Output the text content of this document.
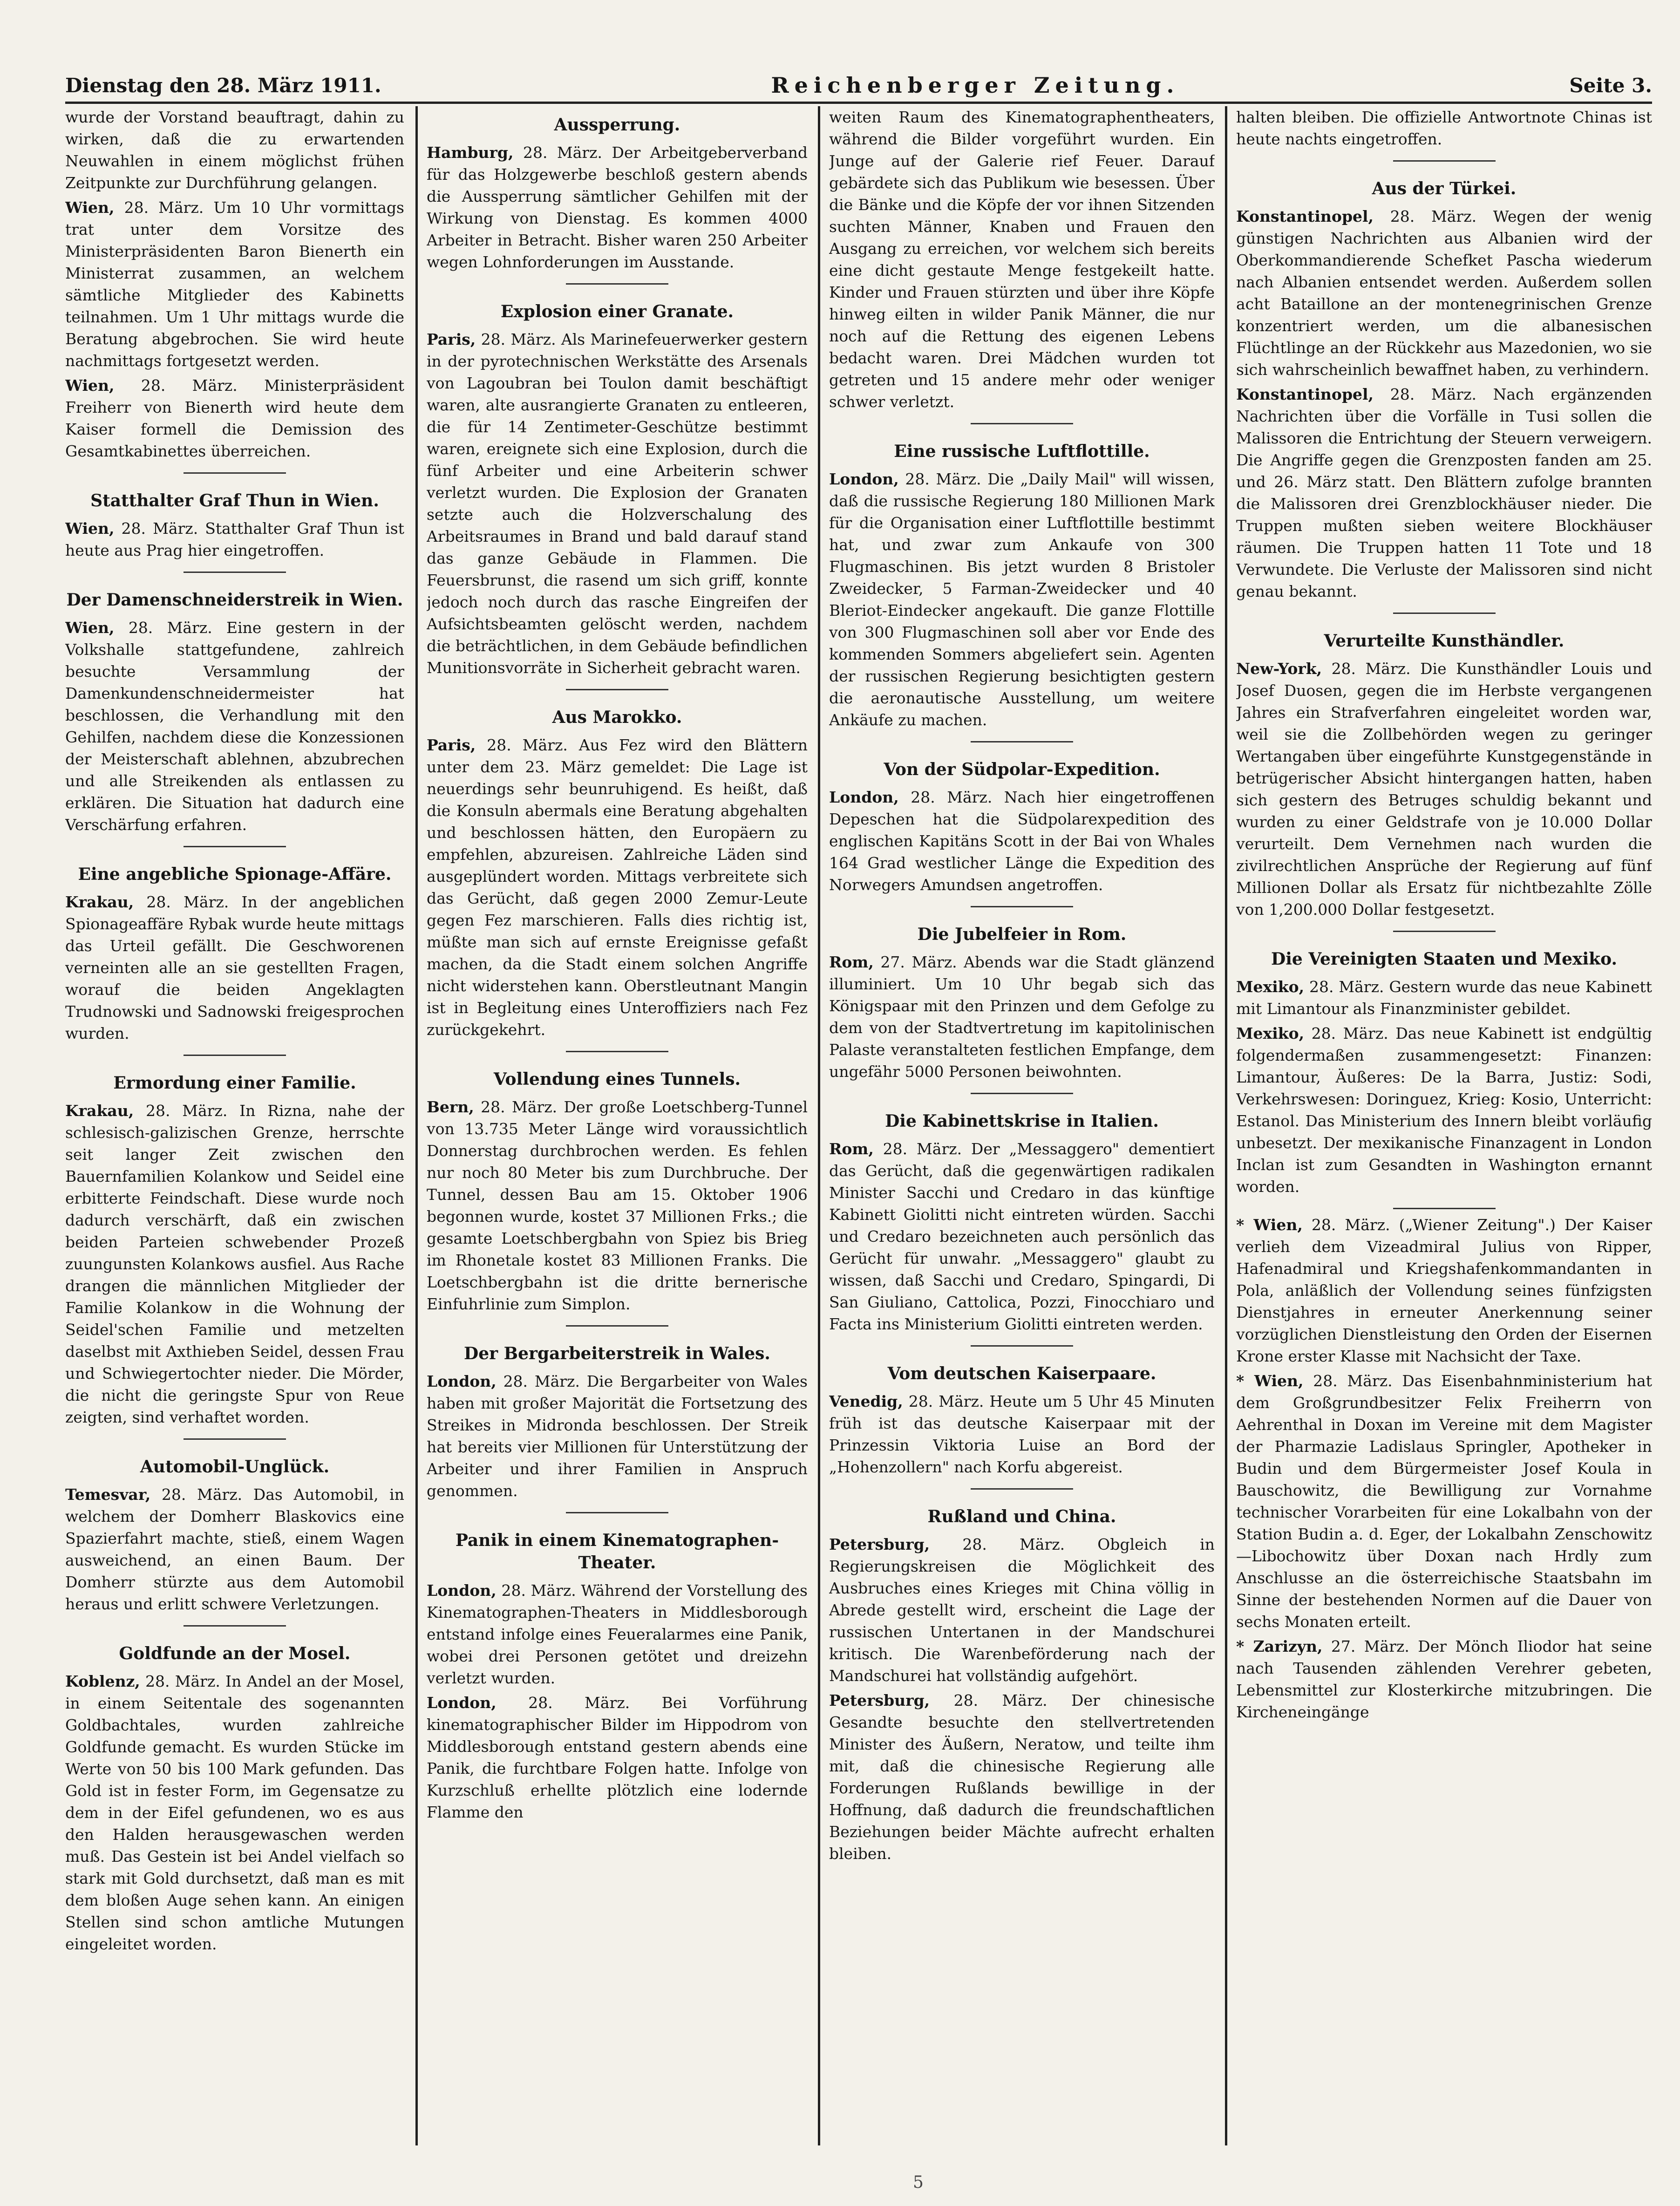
Dienstag den 28. März 1911.	Reichenberger Zeitung.	Seite 3.

wurde der Vorstand beauftragt, dahin zu wirken, daß die zu erwartenden Neuwahlen in einem möglichst frühen Zeitpunkte zur Durchführung gelangen.

Wien, 28. März. Um 10 Uhr vormittags trat unter dem Vorsitze des Ministerpräsidenten Baron Bienerth ein Ministerrat zusammen, an welchem sämtliche Mitglieder des Kabinetts teilnahmen. Um 1 Uhr mittags wurde die Beratung abgebrochen. Sie wird heute nachmittags fortgesetzt werden.

Wien, 28. März. Ministerpräsident Freiherr von Bienerth wird heute dem Kaiser formell die Demission des Gesamtkabinettes überreichen.

Statthalter Graf Thun in Wien.

Wien, 28. März. Statthalter Graf Thun ist heute aus Prag hier eingetroffen.

Der Damenschneiderstreik in Wien.

Wien, 28. März. Eine gestern in der Volkshalle stattgefundene, zahlreich besuchte Versammlung der Damenkundenschneidermeister hat beschlossen, die Verhandlung mit den Gehilfen, nachdem diese die Konzessionen der Meisterschaft ablehnen, abzubrechen und alle Streikenden als entlassen zu erklären. Die Situation hat dadurch eine Verschärfung erfahren.

Eine angebliche Spionage-Affäre.

Krakau, 28. März. In der angeblichen Spionageaffäre Rybak wurde heute mittags das Urteil gefällt. Die Geschworenen verneinten alle an sie gestellten Fragen, worauf die beiden Angeklagten Trudnowski und Sadnowski freigesprochen wurden.

Ermordung einer Familie.

Krakau, 28. März. In Rizna, nahe der schlesisch-galizischen Grenze, herrschte seit langer Zeit zwischen den Bauernfamilien Kolankow und Seidel eine erbitterte Feindschaft. Diese wurde noch dadurch verschärft, daß ein zwischen beiden Parteien schwebender Prozeß zuungunsten Kolankows ausfiel. Aus Rache drangen die männlichen Mitglieder der Familie Kolankow in die Wohnung der Seidel'schen Familie und metzelten daselbst mit Axthieben Seidel, dessen Frau und Schwiegertochter nieder. Die Mörder, die nicht die geringste Spur von Reue zeigten, sind verhaftet worden.

Automobil-Unglück.

Temesvar, 28. März. Das Automobil, in welchem der Domherr Blaskovics eine Spazierfahrt machte, stieß, einem Wagen ausweichend, an einen Baum. Der Domherr stürzte aus dem Automobil heraus und erlitt schwere Verletzungen.

Goldfunde an der Mosel.

Koblenz, 28. März. In Andel an der Mosel, in einem Seitentale des sogenannten Goldbachtales, wurden zahlreiche Goldfunde gemacht. Es wurden Stücke im Werte von 50 bis 100 Mark gefunden. Das Gold ist in fester Form, im Gegensatze zu dem in der Eifel gefundenen, wo es aus den Halden herausgewaschen werden muß. Das Gestein ist bei Andel vielfach so stark mit Gold durchsetzt, daß man es mit dem bloßen Auge sehen kann. An einigen Stellen sind schon amtliche Mutungen eingeleitet worden.

Aussperrung.

Hamburg, 28. März. Der Arbeitgeberverband für das Holzgewerbe beschloß gestern abends die Aussperrung sämtlicher Gehilfen mit der Wirkung von Dienstag. Es kommen 4000 Arbeiter in Betracht. Bisher waren 250 Arbeiter wegen Lohnforderungen im Ausstande.

Explosion einer Granate.

Paris, 28. März. Als Marinefeuerwerker gestern in der pyrotechnischen Werkstätte des Arsenals von Lagoubran bei Toulon damit beschäftigt waren, alte ausrangierte Granaten zu entleeren, die für 14 Zentimeter-Geschütze bestimmt waren, ereignete sich eine Explosion, durch die fünf Arbeiter und eine Arbeiterin schwer verletzt wurden. Die Explosion der Granaten setzte auch die Holzverschalung des Arbeitsraumes in Brand und bald darauf stand das ganze Gebäude in Flammen. Die Feuersbrunst, die rasend um sich griff, konnte jedoch noch durch das rasche Eingreifen der Aufsichtsbeamten gelöscht werden, nachdem die beträchtlichen, in dem Gebäude befindlichen Munitionsvorräte in Sicherheit gebracht waren.

Aus Marokko.

Paris, 28. März. Aus Fez wird den Blättern unter dem 23. März gemeldet: Die Lage ist neuerdings sehr beunruhigend. Es heißt, daß die Konsuln abermals eine Beratung abgehalten und beschlossen hätten, den Europäern zu empfehlen, abzureisen. Zahlreiche Läden sind ausgeplündert worden. Mittags verbreitete sich das Gerücht, daß gegen 2000 Zemur-Leute gegen Fez marschieren. Falls dies richtig ist, müßte man sich auf ernste Ereignisse gefaßt machen, da die Stadt einem solchen Angriffe nicht widerstehen kann. Oberstleutnant Mangin ist in Begleitung eines Unteroffiziers nach Fez zurückgekehrt.

Vollendung eines Tunnels.

Bern, 28. März. Der große Loetschberg-Tunnel von 13.735 Meter Länge wird voraussichtlich Donnerstag durchbrochen werden. Es fehlen nur noch 80 Meter bis zum Durchbruche. Der Tunnel, dessen Bau am 15. Oktober 1906 begonnen wurde, kostet 37 Millionen Frks.; die gesamte Loetschbergbahn von Spiez bis Brieg im Rhonetale kostet 83 Millionen Franks. Die Loetschbergbahn ist die dritte bernerische Einfuhrlinie zum Simplon.

Der Bergarbeiterstreik in Wales.

London, 28. März. Die Bergarbeiter von Wales haben mit großer Majorität die Fortsetzung des Streikes in Midronda beschlossen. Der Streik hat bereits vier Millionen für Unterstützung der Arbeiter und ihrer Familien in Anspruch genommen.

Panik in einem Kinematographen-Theater.

London, 28. März. Während der Vorstellung des Kinematographen-Theaters in Middlesborough entstand infolge eines Feueralarmes eine Panik, wobei drei Personen getötet und dreizehn verletzt wurden.

London, 28. März. Bei Vorführung kinematographischer Bilder im Hippodrom von Middlesborough entstand gestern abends eine Panik, die furchtbare Folgen hatte. Infolge von Kurzschluß erhellte plötzlich eine lodernde Flamme den

weiten Raum des Kinematographentheaters, während die Bilder vorgeführt wurden. Ein Junge auf der Galerie rief Feuer. Darauf gebärdete sich das Publikum wie besessen. Über die Bänke und die Köpfe der vor ihnen Sitzenden suchten Männer, Knaben und Frauen den Ausgang zu erreichen, vor welchem sich bereits eine dicht gestaute Menge festgekeilt hatte. Kinder und Frauen stürzten und über ihre Köpfe hinweg eilten in wilder Panik Männer, die nur noch auf die Rettung des eigenen Lebens bedacht waren. Drei Mädchen wurden tot getreten und 15 andere mehr oder weniger schwer verletzt.

Eine russische Luftflottille.

London, 28. März. Die „Daily Mail" will wissen, daß die russische Regierung 180 Millionen Mark für die Organisation einer Luftflottille bestimmt hat, und zwar zum Ankaufe von 300 Flugmaschinen. Bis jetzt wurden 8 Bristoler Zweidecker, 5 Farman-Zweidecker und 40 Bleriot-Eindecker angekauft. Die ganze Flottille von 300 Flugmaschinen soll aber vor Ende des kommenden Sommers abgeliefert sein. Agenten der russischen Regierung besichtigten gestern die aeronautische Ausstellung, um weitere Ankäufe zu machen.

Von der Südpolar-Expedition.

London, 28. März. Nach hier eingetroffenen Depeschen hat die Südpolarexpedition des englischen Kapitäns Scott in der Bai von Whales 164 Grad westlicher Länge die Expedition des Norwegers Amundsen angetroffen.

Die Jubelfeier in Rom.

Rom, 27. März. Abends war die Stadt glänzend illuminiert. Um 10 Uhr begab sich das Königspaar mit den Prinzen und dem Gefolge zu dem von der Stadtvertretung im kapitolinischen Palaste veranstalteten festlichen Empfange, dem ungefähr 5000 Personen beiwohnten.

Die Kabinettskrise in Italien.

Rom, 28. März. Der „Messaggero" dementiert das Gerücht, daß die gegenwärtigen radikalen Minister Sacchi und Credaro in das künftige Kabinett Giolitti nicht eintreten würden. Sacchi und Credaro bezeichneten auch persönlich das Gerücht für unwahr. „Messaggero" glaubt zu wissen, daß Sacchi und Credaro, Spingardi, Di San Giuliano, Cattolica, Pozzi, Finocchiaro und Facta ins Ministerium Giolitti eintreten werden.

Vom deutschen Kaiserpaare.

Venedig, 28. März. Heute um 5 Uhr 45 Minuten früh ist das deutsche Kaiserpaar mit der Prinzessin Viktoria Luise an Bord der „Hohenzollern" nach Korfu abgereist.

Rußland und China.

Petersburg, 28. März. Obgleich in Regierungskreisen die Möglichkeit des Ausbruches eines Krieges mit China völlig in Abrede gestellt wird, erscheint die Lage der russischen Untertanen in der Mandschurei kritisch. Die Warenbeförderung nach der Mandschurei hat vollständig aufgehört.

Petersburg, 28. März. Der chinesische Gesandte besuchte den stellvertretenden Minister des Äußern, Neratow, und teilte ihm mit, daß die chinesische Regierung alle Forderungen Rußlands bewillige in der Hoffnung, daß dadurch die freundschaftlichen Beziehungen beider Mächte aufrecht erhalten bleiben.

halten bleiben. Die offizielle Antwortnote Chinas ist heute nachts eingetroffen.

Aus der Türkei.

Konstantinopel, 28. März. Wegen der wenig günstigen Nachrichten aus Albanien wird der Oberkommandierende Schefket Pascha wiederum nach Albanien entsendet werden. Außerdem sollen acht Bataillone an der montenegrinischen Grenze konzentriert werden, um die albanesischen Flüchtlinge an der Rückkehr aus Mazedonien, wo sie sich wahrscheinlich bewaffnet haben, zu verhindern.

Konstantinopel, 28. März. Nach ergänzenden Nachrichten über die Vorfälle in Tusi sollen die Malissoren die Entrichtung der Steuern verweigern. Die Angriffe gegen die Grenzposten fanden am 25. und 26. März statt. Den Blättern zufolge brannten die Malissoren drei Grenzblockhäuser nieder. Die Truppen mußten sieben weitere Blockhäuser räumen. Die Truppen hatten 11 Tote und 18 Verwundete. Die Verluste der Malissoren sind nicht genau bekannt.

Verurteilte Kunsthändler.

New-York, 28. März. Die Kunsthändler Louis und Josef Duosen, gegen die im Herbste vergangenen Jahres ein Strafverfahren eingeleitet worden war, weil sie die Zollbehörden wegen zu geringer Wertangaben über eingeführte Kunstgegenstände in betrügerischer Absicht hintergangen hatten, haben sich gestern des Betruges schuldig bekannt und wurden zu einer Geldstrafe von je 10.000 Dollar verurteilt. Dem Vernehmen nach wurden die zivilrechtlichen Ansprüche der Regierung auf fünf Millionen Dollar als Ersatz für nichtbezahlte Zölle von 1,200.000 Dollar festgesetzt.

Die Vereinigten Staaten und Mexiko.

Mexiko, 28. März. Gestern wurde das neue Kabinett mit Limantour als Finanzminister gebildet.

Mexiko, 28. März. Das neue Kabinett ist endgültig folgendermaßen zusammengesetzt: Finanzen: Limantour, Äußeres: De la Barra, Justiz: Sodi, Verkehrswesen: Doringuez, Krieg: Kosio, Unterricht: Estanol. Das Ministerium des Innern bleibt vorläufig unbesetzt. Der mexikanische Finanzagent in London Inclan ist zum Gesandten in Washington ernannt worden.

* Wien, 28. März. („Wiener Zeitung".) Der Kaiser verlieh dem Vizeadmiral Julius von Ripper, Hafenadmiral und Kriegshafenkommandanten in Pola, anläßlich der Vollendung seines fünfzigsten Dienstjahres in erneuter Anerkennung seiner vorzüglichen Dienstleistung den Orden der Eisernen Krone erster Klasse mit Nachsicht der Taxe.

* Wien, 28. März. Das Eisenbahnministerium hat dem Großgrundbesitzer Felix Freiherrn von Aehrenthal in Doxan im Vereine mit dem Magister der Pharmazie Ladislaus Springler, Apotheker in Budin und dem Bürgermeister Josef Koula in Bauschowitz, die Bewilligung zur Vornahme technischer Vorarbeiten für eine Lokalbahn von der Station Budin a. d. Eger, der Lokalbahn Zenschowitz—Libochowitz über Doxan nach Hrdly zum Anschlusse an die österreichische Staatsbahn im Sinne der bestehenden Normen auf die Dauer von sechs Monaten erteilt.

* Zarizyn, 27. März. Der Mönch Iliodor hat seine nach Tausenden zählenden Verehrer gebeten, Lebensmittel zur Klosterkirche mitzubringen. Die Kircheneingänge

5
